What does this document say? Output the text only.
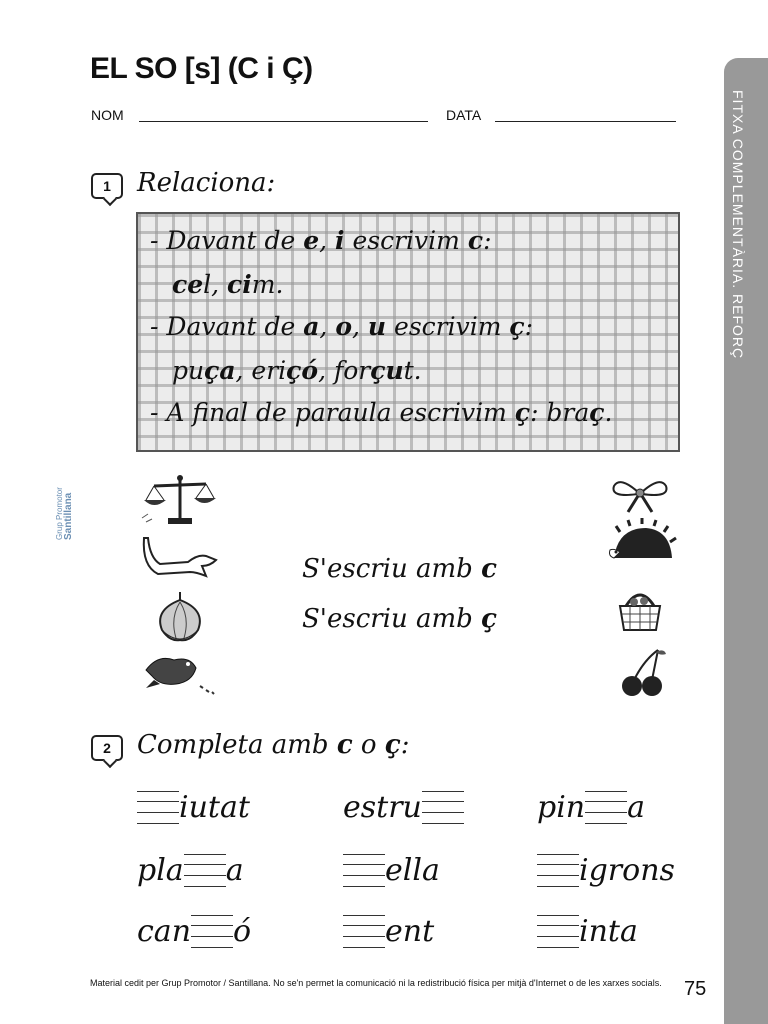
EL SO [s] (C i Ç)
NOM	DATA	FITXA COMPLEMENTÀRIA. REFORÇ
Grup Promotor Santillana
1	Relaciona:
- Davant de e, i escrivim c:
cel, cim.
- Davant de a, o, u escrivim ç:
puça, eriçó, forçut.
- A final de paraula escrivim ç: braç.
S'escriu amb c
S'escriu amb ç
2	Completa amb c o ç:
iutat	estru	pin a
pla a	ella	igrons
can ó	ent	inta
Material cedit per Grup Promotor / Santillana. No se'n permet la comunicació ni la redistribució física per mitjà d'Internet o de les xarxes socials. 75
